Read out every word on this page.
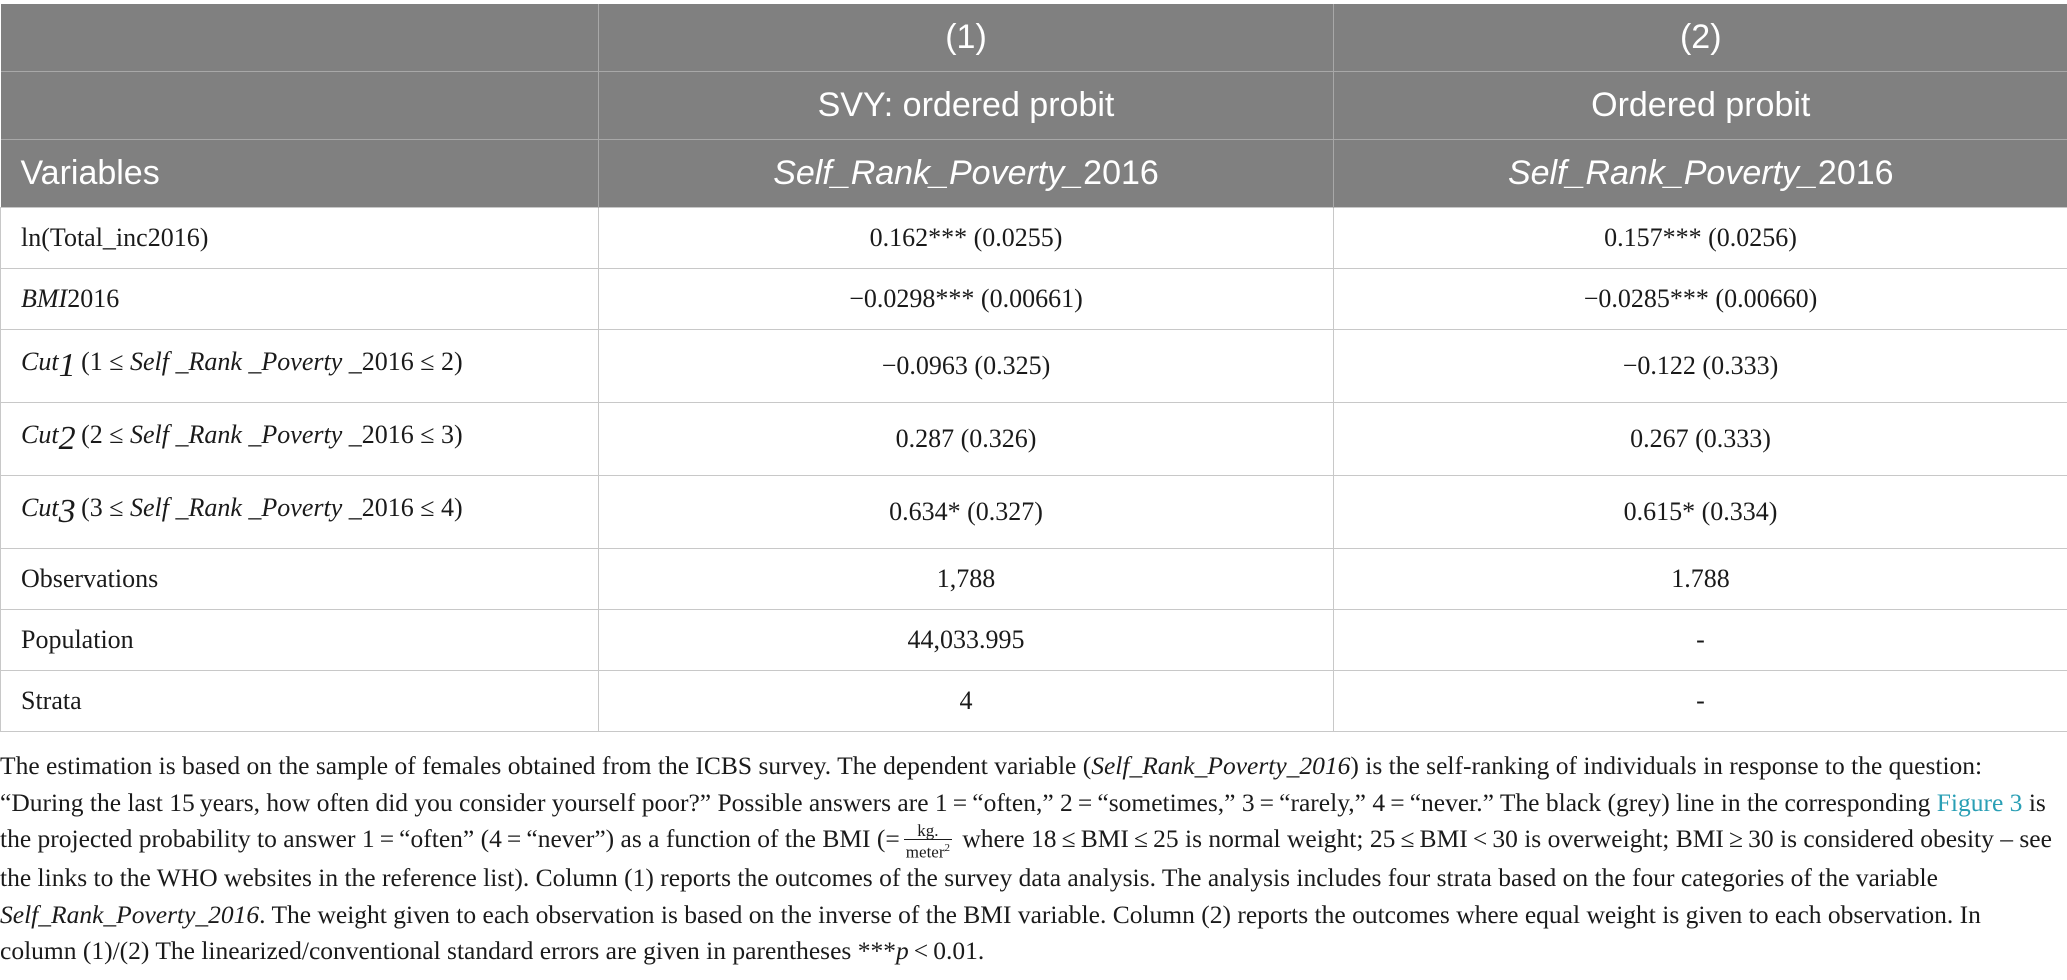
	(1)	(2)
	SVY: ordered probit	Ordered probit
Variables	Self_Rank_Poverty_2016	Self_Rank_Poverty_2016
ln(Total_inc2016)	0.162*** (0.0255)	0.157*** (0.0256)
BMI2016	−0.0298*** (0.00661)	−0.0285*** (0.00660)
Cut1 (1 ≤ Self _Rank _Poverty _2016 ≤ 2)	−0.0963 (0.325)	−0.122 (0.333)
Cut2 (2 ≤ Self _Rank _Poverty _2016 ≤ 3)	0.287 (0.326)	0.267 (0.333)
Cut3 (3 ≤ Self _Rank _Poverty _2016 ≤ 4)	0.634* (0.327)	0.615* (0.334)
Observations	1,788	1.788
Population	44,033.995	-
Strata	4	-
The estimation is based on the sample of females obtained from the ICBS survey. The dependent variable (Self_Rank_Poverty_2016) is the self-ranking of individuals in response to the question: “During the last 15 years, how often did you consider yourself poor?” Possible answers are 1 = “often,” 2 = “sometimes,” 3 = “rarely,” 4 = “never.” The black (grey) line in the corresponding Figure 3 is the projected probability to answer 1 = “often” (4 = “never”) as a function of the BMI (= $\frac{kg.}{meter^2}$ where 18 ≤ BMI ≤ 25 is normal weight; 25 ≤ BMI < 30 is overweight; BMI ≥ 30 is considered obesity – see the links to the WHO websites in the reference list). Column (1) reports the outcomes of the survey data analysis. The analysis includes four strata based on the four categories of the variable Self_Rank_Poverty_2016. The weight given to each observation is based on the inverse of the BMI variable. Column (2) reports the outcomes where equal weight is given to each observation. In column (1)/(2) The linearized/conventional standard errors are given in parentheses ***p < 0.01.
